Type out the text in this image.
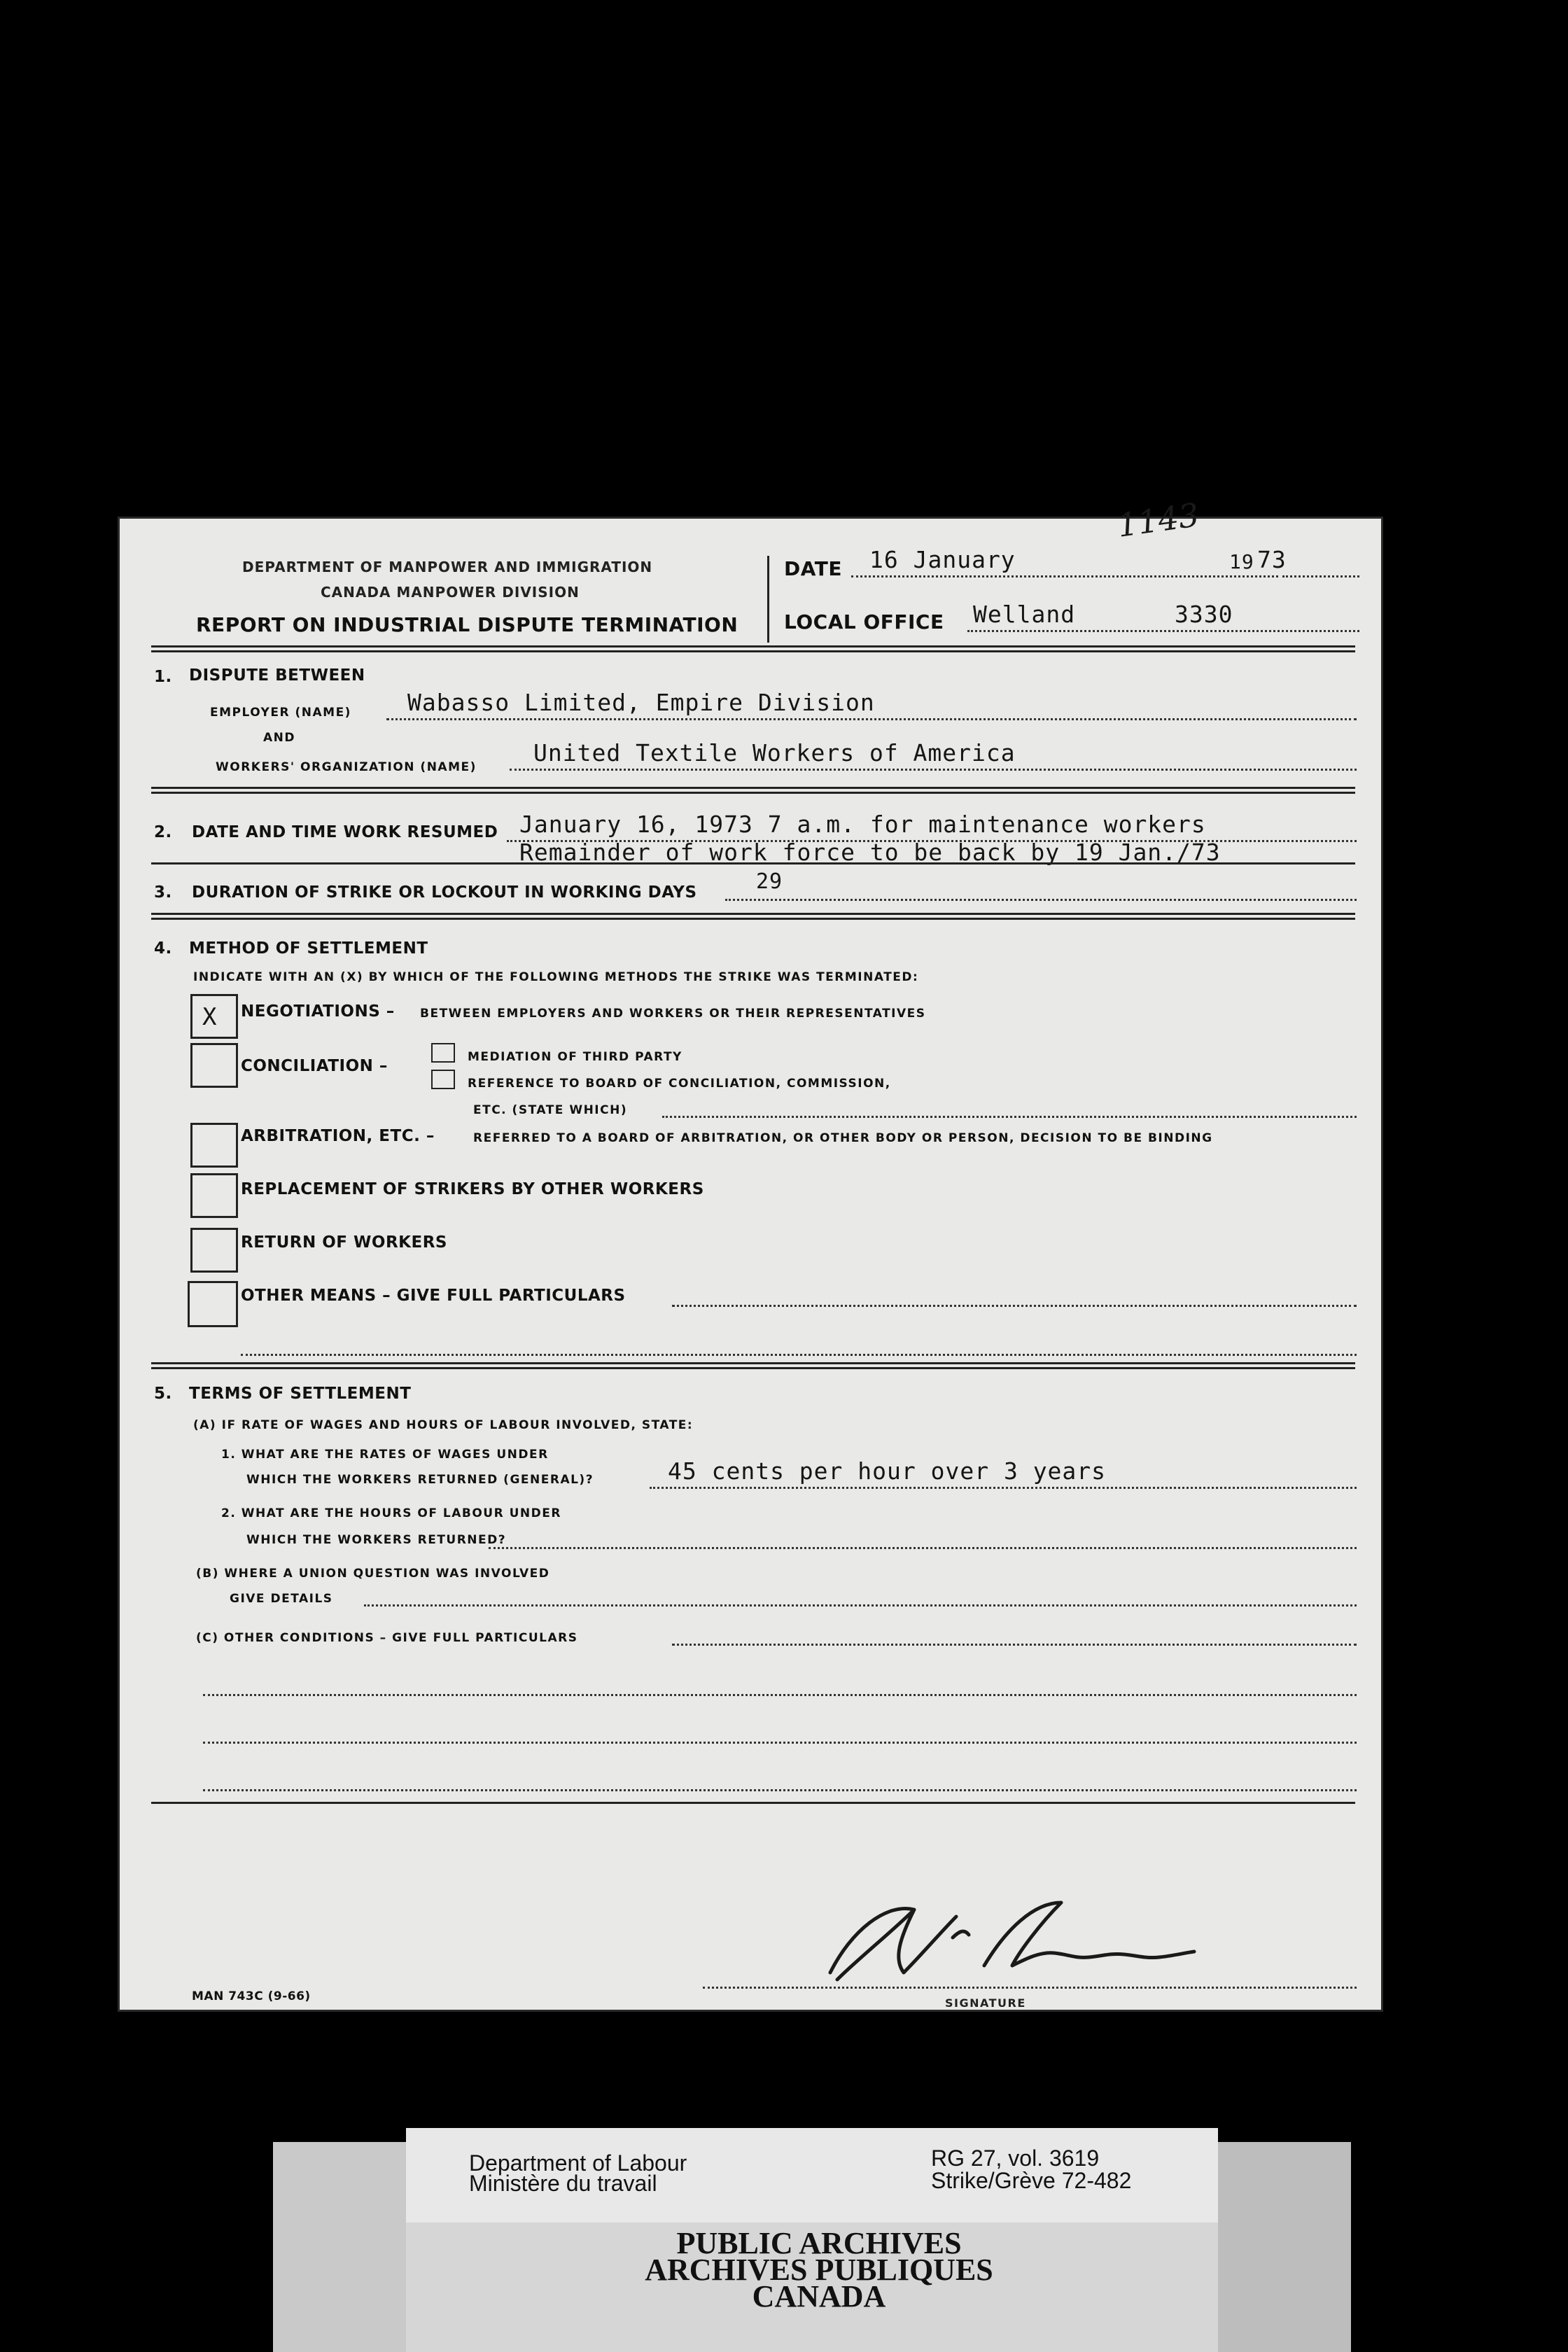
DEPARTMENT OF MANPOWER AND IMMIGRATION
CANADA MANPOWER DIVISION
REPORT ON INDUSTRIAL DISPUTE TERMINATION
DATE 16 January	19 73
1143
LOCAL OFFICE Welland	3330
1. DISPUTE BETWEEN
EMPLOYER (NAME) Wabasso Limited, Empire Division
AND
WORKERS' ORGANIZATION (NAME)
United Textile Workers of America
2. DATE AND TIME WORK RESUMED January 16, 1973 7 a.m. for maintenance workers
Remainder of work force to be back by 19 Jan./73
3. DURATION OF STRIKE OR LOCKOUT IN WORKING DAYS	29
4. METHOD OF SETTLEMENT
INDICATE WITH AN (X) BY WHICH OF THE FOLLOWING METHODS THE STRIKE WAS TERMINATED:
X NEGOTIATIONS – BETWEEN EMPLOYERS AND WORKERS OR THEIR REPRESENTATIVES
CONCILIATION –	MEDIATION OF THIRD PARTY
REFERENCE TO BOARD OF CONCILIATION, COMMISSION,
ETC. (STATE WHICH)
ARBITRATION, ETC. –	REFERRED TO A BOARD OF ARBITRATION, OR OTHER BODY OR PERSON, DECISION TO BE BINDING
REPLACEMENT OF STRIKERS BY OTHER WORKERS
RETURN OF WORKERS
OTHER MEANS – GIVE FULL PARTICULARS
5. TERMS OF SETTLEMENT
(A) IF RATE OF WAGES AND HOURS OF LABOUR INVOLVED, STATE:
1. WHAT ARE THE RATES OF WAGES UNDER
WHICH THE WORKERS RETURNED (GENERAL)?	45 cents per hour over 3 years
2. WHAT ARE THE HOURS OF LABOUR UNDER
WHICH THE WORKERS RETURNED?
(B) WHERE A UNION QUESTION WAS INVOLVED
GIVE DETAILS
(C) OTHER CONDITIONS – GIVE FULL PARTICULARS
SIGNATURE
MAN 743C (9-66)
Department of Labour
Ministère du travail
RG 27, vol. 3619
Strike/Grève 72-482
PUBLIC ARCHIVES
ARCHIVES PUBLIQUES
CANADA
